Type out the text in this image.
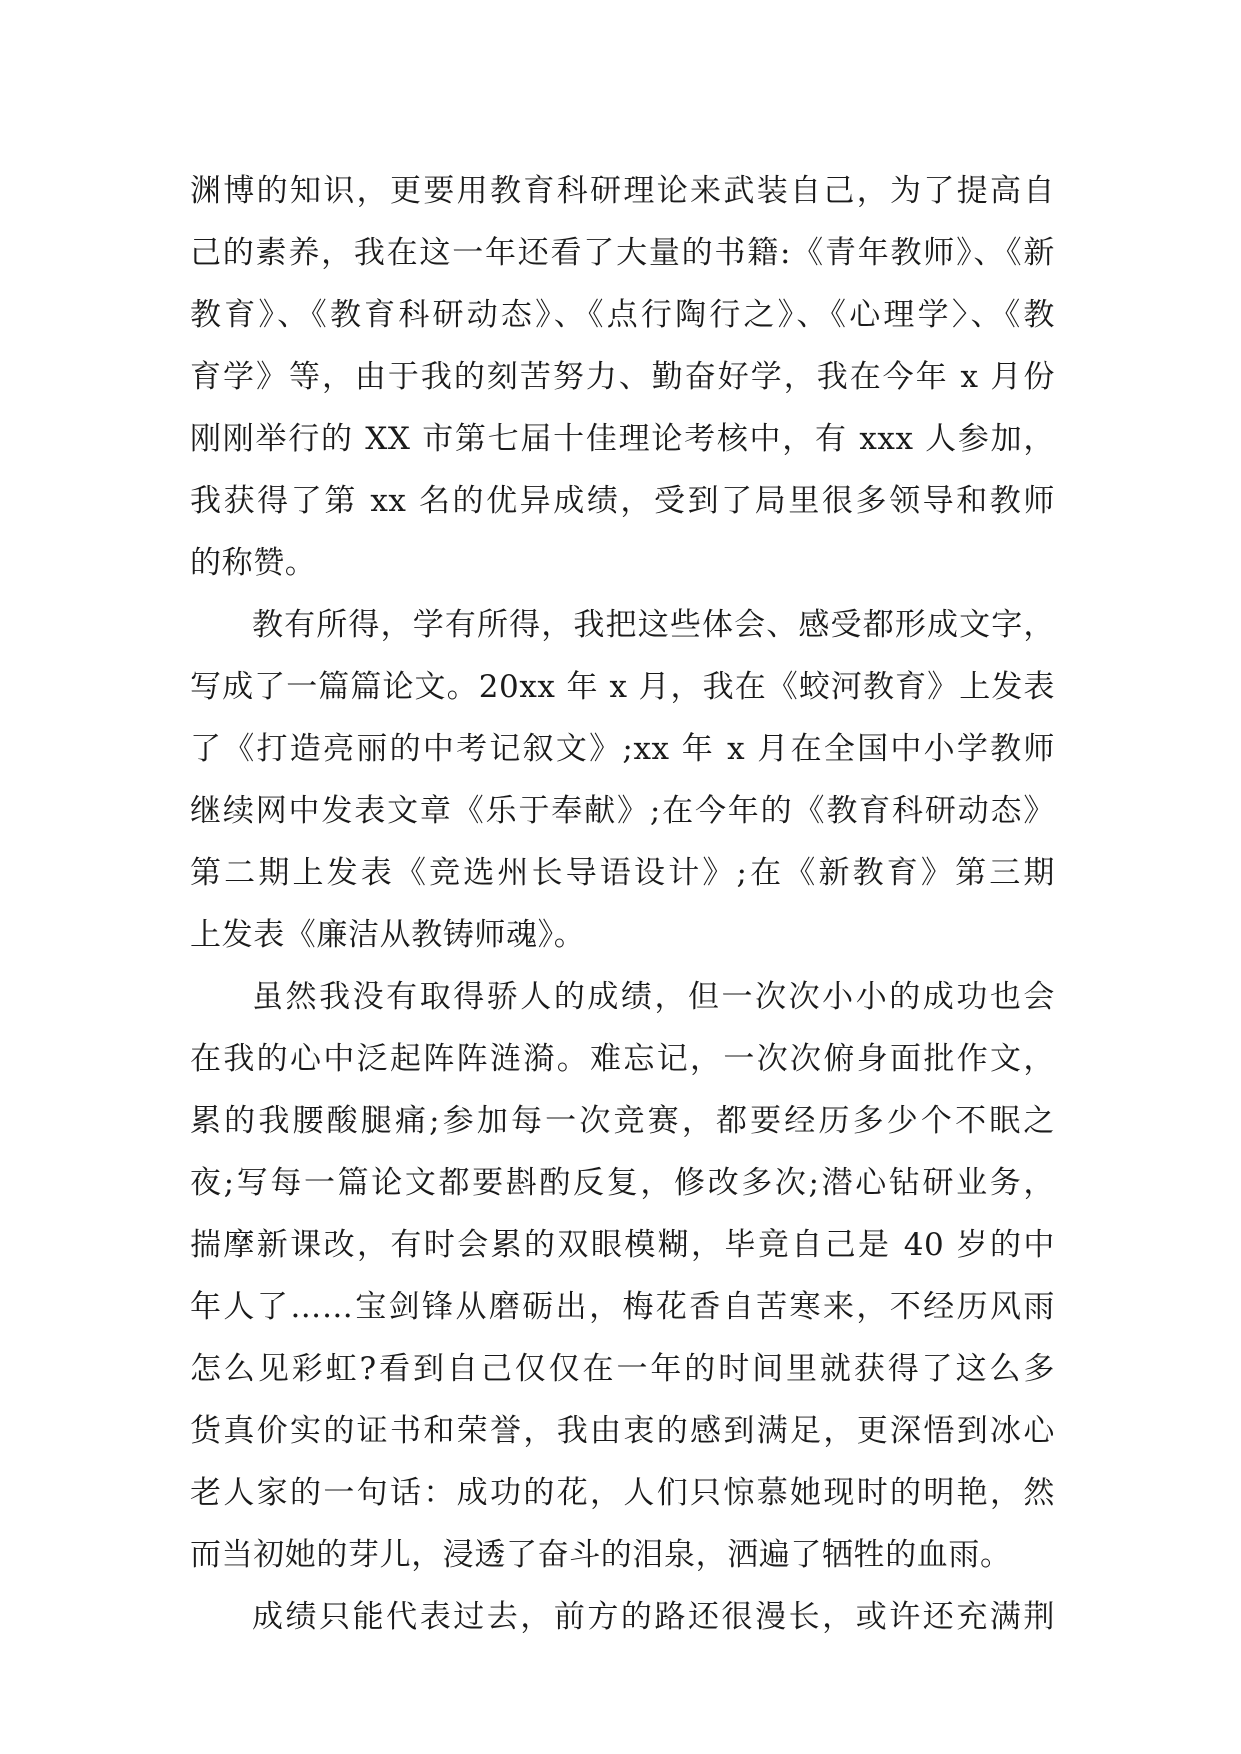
渊博的知识，更要用教育科研理论来武装自己，为了提高自
己的素养，我在这一年还看了大量的书籍:《青年教师》、《新
教育》、《教育科研动态》、《点行陶行之》、《心理学〉、《教
育学》等，由于我的刻苦努力、勤奋好学，我在今年 x 月份
刚刚举行的 XX 市第七届十佳理论考核中，有 xxx 人参加，
我获得了第 xx 名的优异成绩，受到了局里很多领导和教师
的称赞。
教有所得，学有所得，我把这些体会、感受都形成文字，
写成了一篇篇论文。20xx 年 x 月，我在《蛟河教育》上发表
了《打造亮丽的中考记叙文》;xx 年 x 月在全国中小学教师
继续网中发表文章《乐于奉献》;在今年的《教育科研动态》
第二期上发表《竞选州长导语设计》;在《新教育》第三期
上发表《廉洁从教铸师魂》。
虽然我没有取得骄人的成绩，但一次次小小的成功也会
在我的心中泛起阵阵涟漪。难忘记，一次次俯身面批作文，
累的我腰酸腿痛;参加每一次竞赛，都要经历多少个不眠之
夜;写每一篇论文都要斟酌反复，修改多次;潜心钻研业务，
揣摩新课改，有时会累的双眼模糊，毕竟自己是 40 岁的中
年人了……宝剑锋从磨砺出，梅花香自苦寒来，不经历风雨
怎么见彩虹?看到自己仅仅在一年的时间里就获得了这么多
货真价实的证书和荣誉，我由衷的感到满足，更深悟到冰心
老人家的一句话：成功的花，人们只惊慕她现时的明艳，然
而当初她的芽儿，浸透了奋斗的泪泉，洒遍了牺牲的血雨。
成绩只能代表过去，前方的路还很漫长，或许还充满荆
